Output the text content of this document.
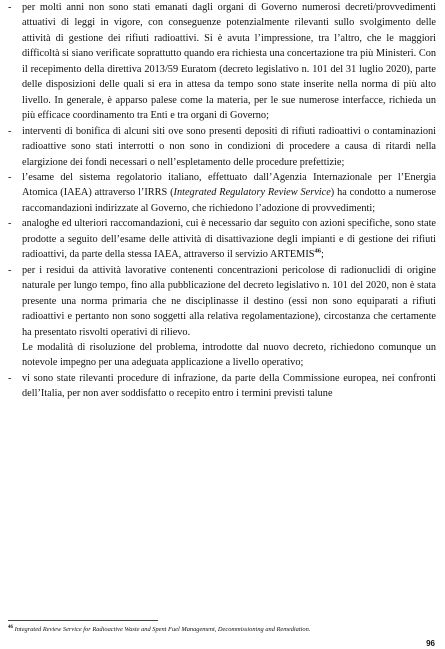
-	per molti anni non sono stati emanati dagli organi di Governo numerosi decreti/provvedimenti attuativi di leggi in vigore, con conseguenze potenzialmente rilevanti sullo svolgimento delle attività di gestione dei rifiuti radioattivi. Si è avuta l’impressione, tra l’altro, che le maggiori difficoltà si siano verificate soprattutto quando era richiesta una concertazione tra più Ministeri. Con il recepimento della direttiva 2013/59 Euratom (decreto legislativo n. 101 del 31 luglio 2020), parte delle disposizioni delle quali si era in attesa da tempo sono state inserite nella norma di più alto livello. In generale, è apparso palese come la materia, per le sue numerose interfacce, richieda un più efficace coordinamento tra Enti e tra organi di Governo;
-	interventi di bonifica di alcuni siti ove sono presenti depositi di rifiuti radioattivi o contaminazioni radioattive sono stati interrotti o non sono in condizioni di procedere a causa di ritardi nella elargizione dei fondi necessari o nell’espletamento delle procedure prefettizie;
-	l’esame del sistema regolatorio italiano, effettuato dall’Agenzia Internazionale per l’Energia Atomica (IAEA) attraverso l’IRRS (Integrated Regulatory Review Service) ha condotto a numerose raccomandazioni indirizzate al Governo, che richiedono l’adozione di provvedimenti;
-	analoghe ed ulteriori raccomandazioni, cui è necessario dar seguito con azioni specifiche, sono state prodotte a seguito dell’esame delle attività di disattivazione degli impianti e di gestione dei rifiuti radioattivi, da parte della stessa IAEA, attraverso il servizio ARTEMIS$^{46}$;
-	per i residui da attività lavorative contenenti concentrazioni pericolose di radionuclidi di origine naturale per lungo tempo, fino alla pubblicazione del decreto legislativo n. 101 del 2020, non è stata presente una norma primaria che ne disciplinasse il destino (essi non sono equiparati a rifiuti radioattivi e pertanto non sono soggetti alla relativa regolamentazione), circostanza che certamente ha presentato risvolti operativi di rilievo.
Le modalità di risoluzione del problema, introdotte dal nuovo decreto, richiedono comunque un notevole impegno per una adeguata applicazione a livello operativo;
-	vi sono state rilevanti procedure di infrazione, da parte della Commissione europea, nei confronti dell’Italia, per non aver soddisfatto o recepito entro i termini previsti talune
$^{46}$ Integrated Review Service for Radioactive Waste and Spent Fuel Management, Decommissioning and Remediation.
96
